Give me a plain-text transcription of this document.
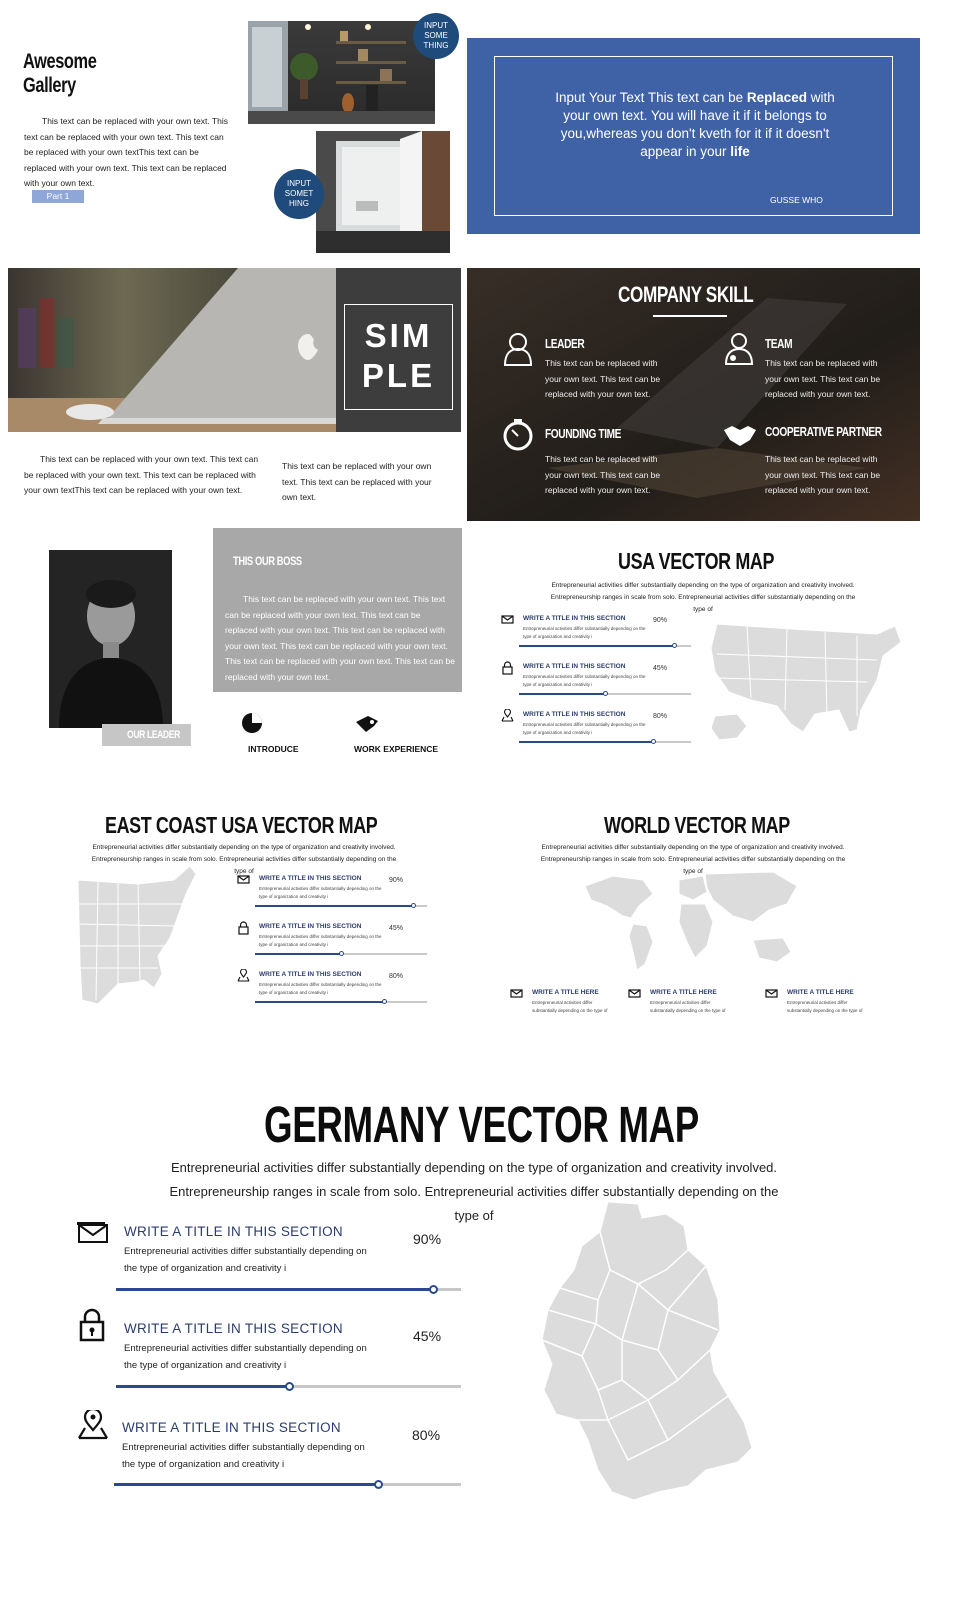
Awesome
Gallery
This text can be replaced with your own text. This text can be replaced with your own text. This text can be replaced with your own textThis text can be replaced with your own text. This text can be replaced with your own text.
Part 1
INPUT SOME THING
INPUT SOMET HING
Input Your Text This text can be Replaced with your own text. You will have it if it belongs to you,whereas you don't kveth for it if it doesn't appear in your life
GUSSE WHO
SIM
PLE
This text can be replaced with your own text. This text can be replaced with your own text. This text can be replaced with your own textThis text can be replaced with your own text.
This text can be replaced with your own text. This text can be replaced with your own text.
COMPANY SKILL
LEADER
This text can be replaced with your own text. This text can be replaced with your own text.
TEAM
This text can be replaced with your own text. This text can be replaced with your own text.
FOUNDING TIME
This text can be replaced with your own text. This text can be replaced with your own text.
COOPERATIVE PARTNER
This text can be replaced with your own text. This text can be replaced with your own text.
OUR LEADER
THIS OUR BOSS
This text can be replaced with your own text. This text can be replaced with your own text. This text can be replaced with your own text. This text can be replaced with your own text. This text can be replaced with your own text. This text can be replaced with your own text. This text can be replaced with your own text.
INTRODUCE	WORK EXPERIENCE
USA VECTOR MAP
Entrepreneurial activities differ substantially depending on the type of organization and creativity involved.
Entrepreneurship ranges in scale from solo. Entrepreneurial activities differ substantially depending on the
type of
WRITE A TITLE IN THIS SECTION
Entrepreneurial activities differ substantially depending on the type of organization and creativity i
90%
WRITE A TITLE IN THIS SECTION
Entrepreneurial activities differ substantially depending on the type of organization and creativity i
45%
WRITE A TITLE IN THIS SECTION
Entrepreneurial activities differ substantially depending on the type of organization and creativity i
80%
EAST COAST USA VECTOR MAP
Entrepreneurial activities differ substantially depending on the type of organization and creativity involved.
Entrepreneurship ranges in scale from solo. Entrepreneurial activities differ substantially depending on the
type of
WRITE A TITLE IN THIS SECTION
Entrepreneurial activities differ substantially depending on the type of organization and creativity i
90%
WRITE A TITLE IN THIS SECTION
Entrepreneurial activities differ substantially depending on the type of organization and creativity i
45%
WRITE A TITLE IN THIS SECTION
Entrepreneurial activities differ substantially depending on the type of organization and creativity i
80%
WORLD VECTOR MAP
Entrepreneurial activities differ substantially depending on the type of organization and creativity involved.
Entrepreneurship ranges in scale from solo. Entrepreneurial activities differ substantially depending on the
type of
WRITE A TITLE HERE
Entrepreneurial activities differ substantially depending on the type of
WRITE A TITLE HERE
Entrepreneurial activities differ substantially depending on the type of
WRITE A TITLE HERE
Entrepreneurial activities differ substantially depending on the type of
GERMANY VECTOR MAP
Entrepreneurial activities differ substantially depending on the type of organization and creativity involved.
Entrepreneurship ranges in scale from solo. Entrepreneurial activities differ substantially depending on the
type of
WRITE A TITLE IN THIS SECTION
Entrepreneurial activities differ substantially depending on
the type of organization and creativity i
90%
WRITE A TITLE IN THIS SECTION
Entrepreneurial activities differ substantially depending on
the type of organization and creativity i
45%
WRITE A TITLE IN THIS SECTION
Entrepreneurial activities differ substantially depending on
the type of organization and creativity i
80%
